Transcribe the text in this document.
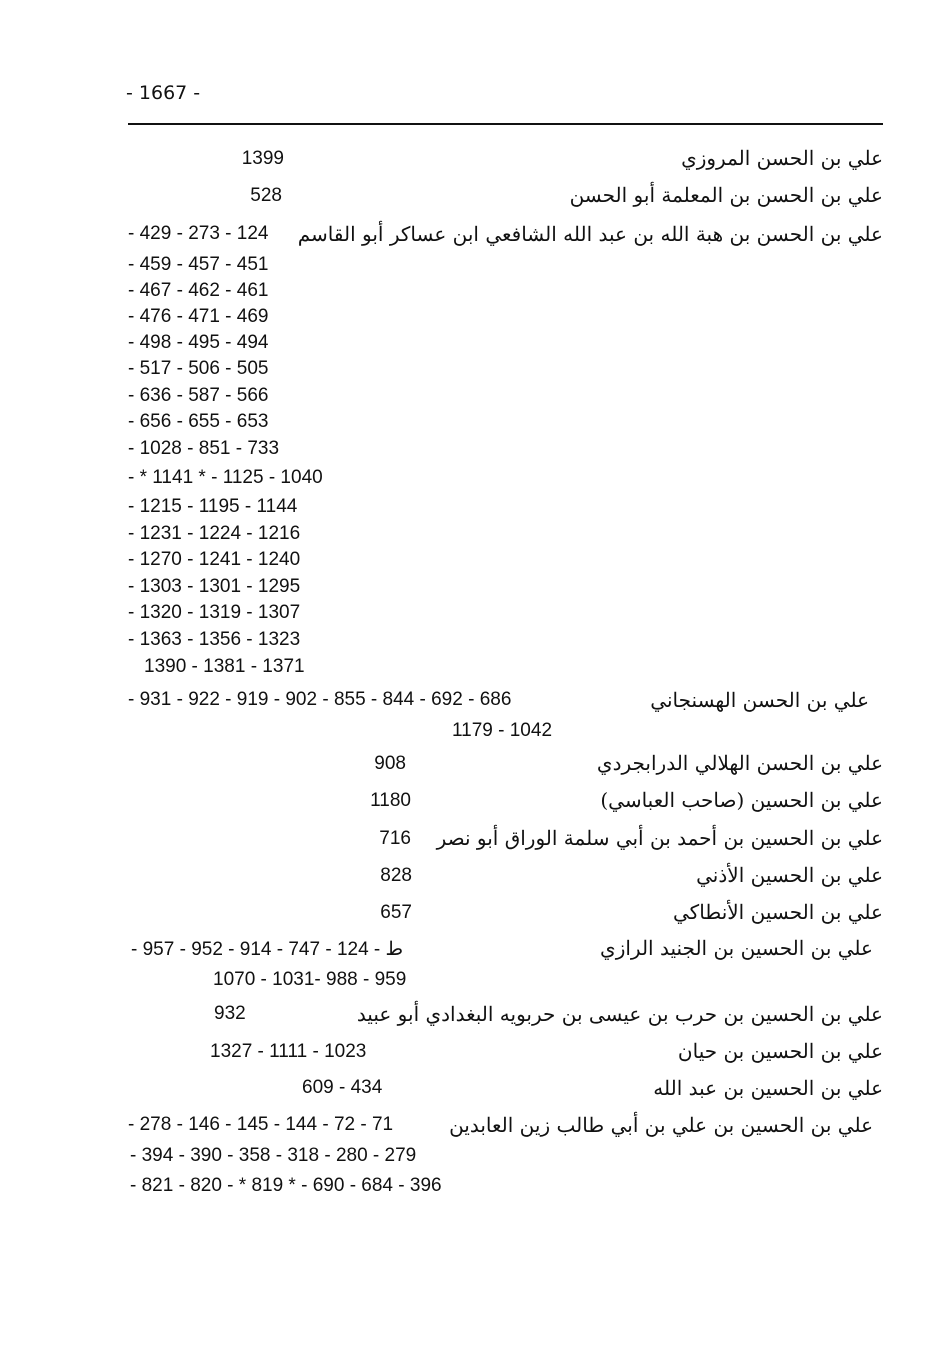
- 1667 -
علي بن الحسن المروزي
1399
علي بن الحسن بن المعلمة أبو الحسن
528
علي بن الحسن بن هبة الله بن عبد الله الشافعي ابن عساكر أبو القاسم
- 429 - 273 - 124
- 459 - 457 - 451
- 467 - 462 - 461
- 476 - 471 - 469
- 498 - 495 - 494
- 517 - 506 - 505
- 636 - 587 - 566
- 656 - 655 - 653
- 1028 - 851 - 733
- * 1141 * - 1125 - 1040
- 1215 - 1195 - 1144
- 1231 - 1224 - 1216
- 1270 - 1241 - 1240
- 1303 - 1301 - 1295
- 1320 - 1319 - 1307
- 1363 - 1356 - 1323
1390 - 1381 - 1371
علي بن الحسن الهسنجاني
- 931 - 922 - 919 - 902 - 855 - 844 - 692 - 686
1179 - 1042
علي بن الحسن الهلالي الدرابجردي
908
علي بن الحسين (صاحب العباسي)
1180
علي بن الحسين بن أحمد بن أبي سلمة الوراق أبو نصر
716
علي بن الحسين الأذني
828
علي بن الحسين الأنطاكي
657
علي بن الحسين بن الجنيد الرازي
- 957 - 952 - 914 - 747 - 124 - ط
1070 - 1031- 988 - 959
علي بن الحسين بن حرب بن عيسى بن حربويه البغدادي أبو عبيد
932
علي بن الحسين بن حيان
1327 - 1111 - 1023
علي بن الحسين بن عبد الله
609 - 434
علي بن الحسين بن علي بن أبي طالب زين العابدين
- 278 - 146 - 145 - 144 - 72 - 71
- 394 - 390 - 358 - 318 - 280 - 279
- 821 - 820 - * 819 * - 690 - 684 - 396
